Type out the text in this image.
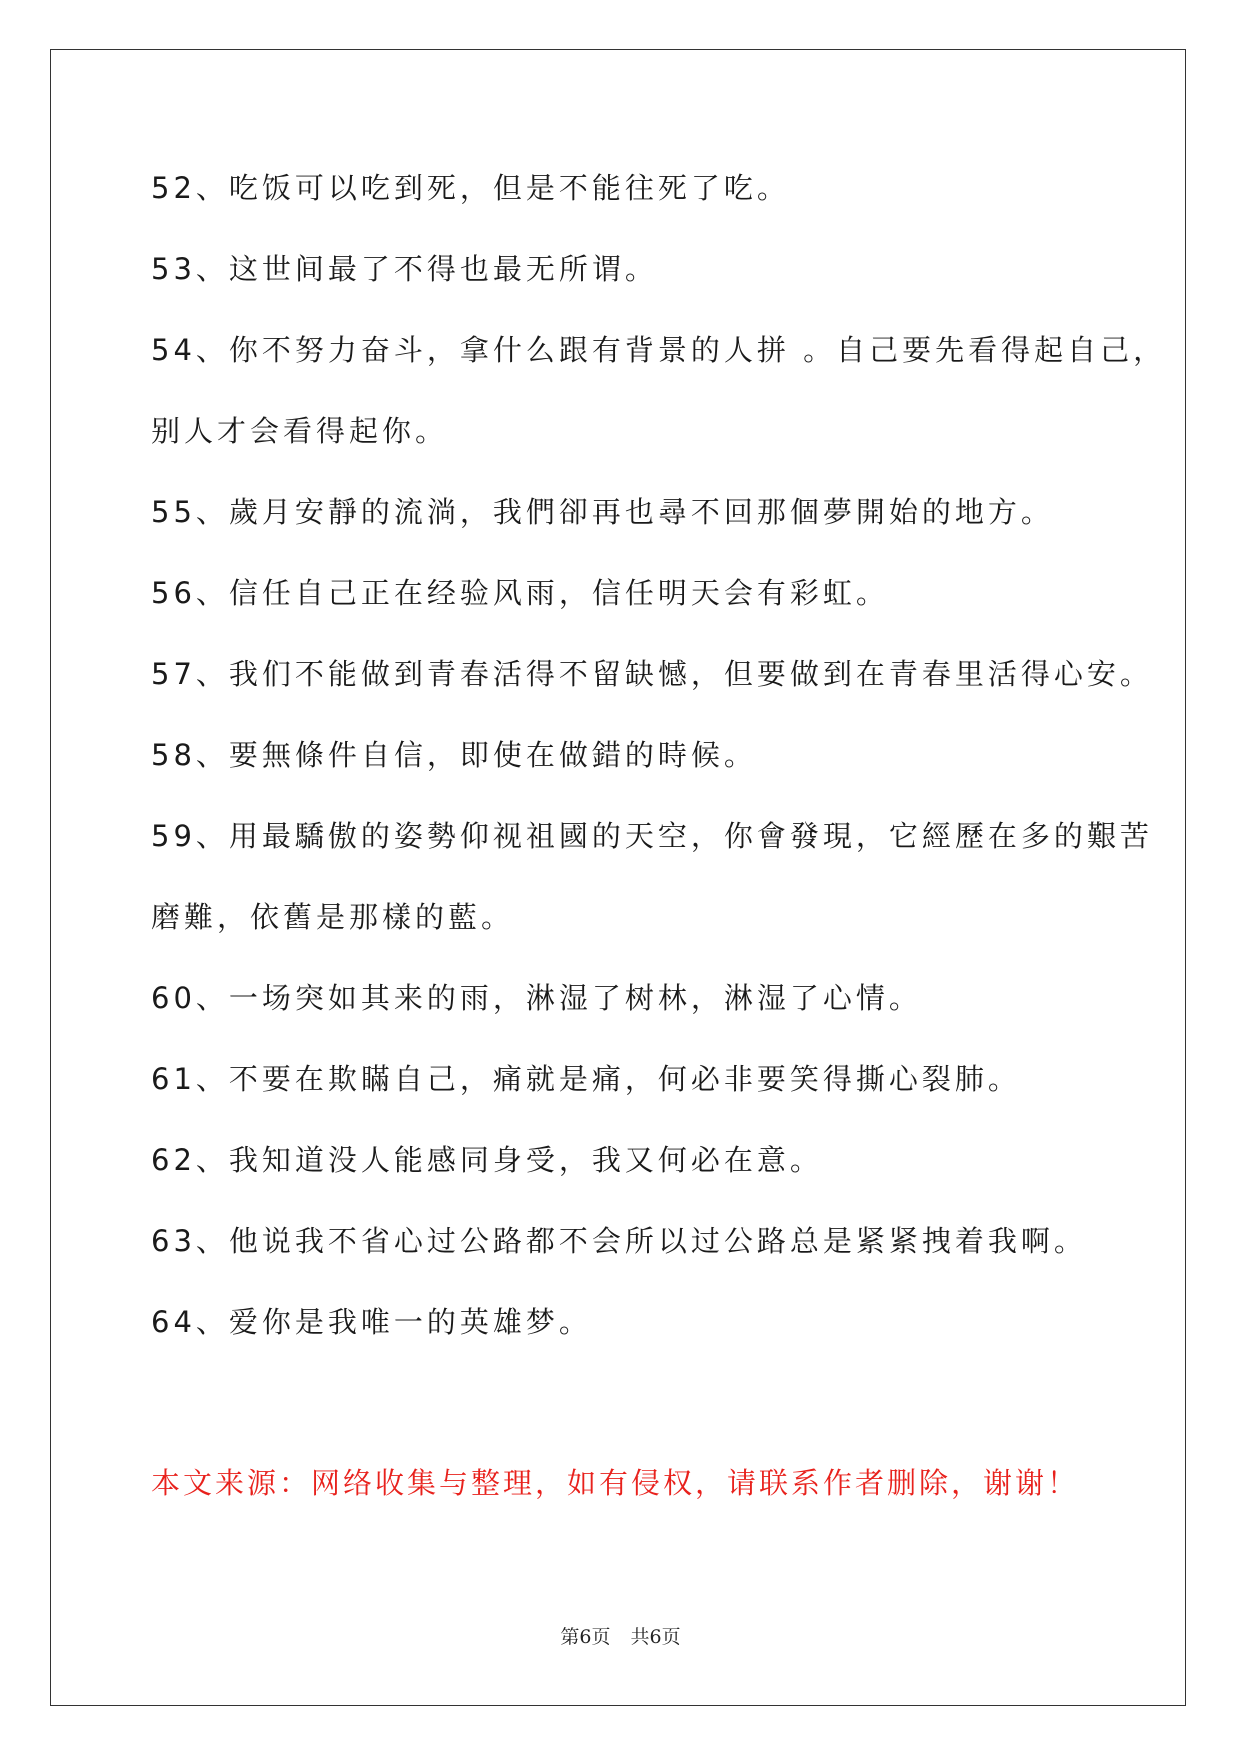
52、吃饭可以吃到死，但是不能往死了吃。
53、这世间最了不得也最无所谓。
54、你不努力奋斗，拿什么跟有背景的人拼 。自己要先看得起自己，
别人才会看得起你。
55、歲月安靜的流淌，我們卻再也尋不回那個夢開始的地方。
56、信任自己正在经验风雨，信任明天会有彩虹。
57、我们不能做到青春活得不留缺憾，但要做到在青春里活得心安。
58、要無條件自信，即使在做錯的時候。
59、用最驕傲的姿勢仰视祖國的天空，你會發現，它經歷在多的艱苦
磨難，依舊是那樣的藍。
60、一场突如其来的雨，淋湿了树林，淋湿了心情。
61、不要在欺瞞自己，痛就是痛，何必非要笑得撕心裂肺。
62、我知道没人能感同身受，我又何必在意。
63、他说我不省心过公路都不会所以过公路总是紧紧拽着我啊。
64、爱你是我唯一的英雄梦。
本文来源：网络收集与整理，如有侵权，请联系作者删除，谢谢！
第6页 共6页
